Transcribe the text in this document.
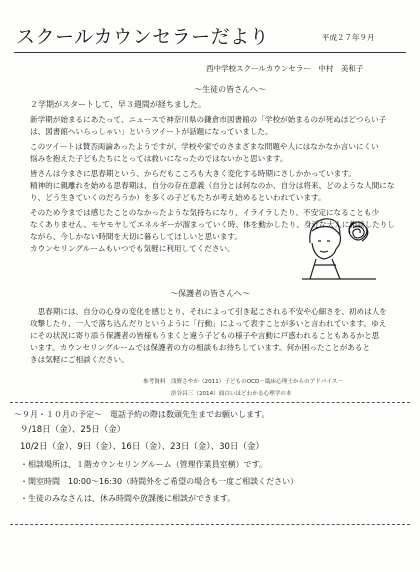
スクールカウンセラーだより	平成２７年９月
西中学校スクールカウンセラー　中村　美和子
〜生徒の皆さんへ〜

２学期がスタートして、早３週間が経ちました。

新学期が始まるにあたって、ニュースで神奈川県の鎌倉市図書館の「学校が始まるのが死ぬほどつらい子
は、図書館へいらっしゃい」というツイートが話題になっていました。

このツイートは賛否両論あったようですが、学校や家でのさまざまな問題や人にはなかなか言いにくい
悩みを抱えた子どもたちにとっては救いになったのではないかと思います。

皆さんは今まさに思春期という、からだもこころも大きく変化する時期にさしかかっています。
精神的に親離れを始める思春期は、自分の存在意義（自分とは何なのか、自分は将来、どのような人間にな
り、どう生きていくのだろうか）を多くの子どもたちが考え始めるといわれています。

そのため今までは感じたことのなかったような気持ちになり、イライラしたり、不安定になることも少
なくありません。モヤモヤしてエネルギーが溜まっていく時、体を動かしたり、身近な大人に相談したりし
ながら、今しかない時間を大切に暮らしてほしいと思います。
カウンセリングルームもいつでも気軽に利用してください。

〜保護者の皆さんへ〜

　思春期には、自分の心身の変化を感じとり、それによって引き起こされる不安や心細さを、初めは人を
攻撃したり、一人で落ち込んだりというように「行動」によって表すことが多いと言われています。ゆえ
にその状況に寄り添う保護者の皆様もうまくと違う子どもの様子や言動に戸惑われることもあるかと思
います。カウンセリングルームでは保護者の方の相談もお待ちしています。何か困ったことがあると
きは気軽にご相談ください。

参考資料　浅野さやか（2011）子どものOCD－臨床心理士からのアドバイス－
　　　　　渋谷昌三（2014）面白いほどわかる心理学の本
〜９月・１０月の予定〜　電話予約の際は数頭先生までお願いします。
９/18日（金）、25日（金）
10/2日（金）、9日（金）、16日（金）、23日（金）、30日（金）
・相談場所は、１階カウンセリングルーム（管理作業員室横）です。
・開室時間　10:00〜16:30（時間外をご希望の場合も一度ご相談ください）
・生徒のみなさんは、休み時間や放課後に相談ができます。
